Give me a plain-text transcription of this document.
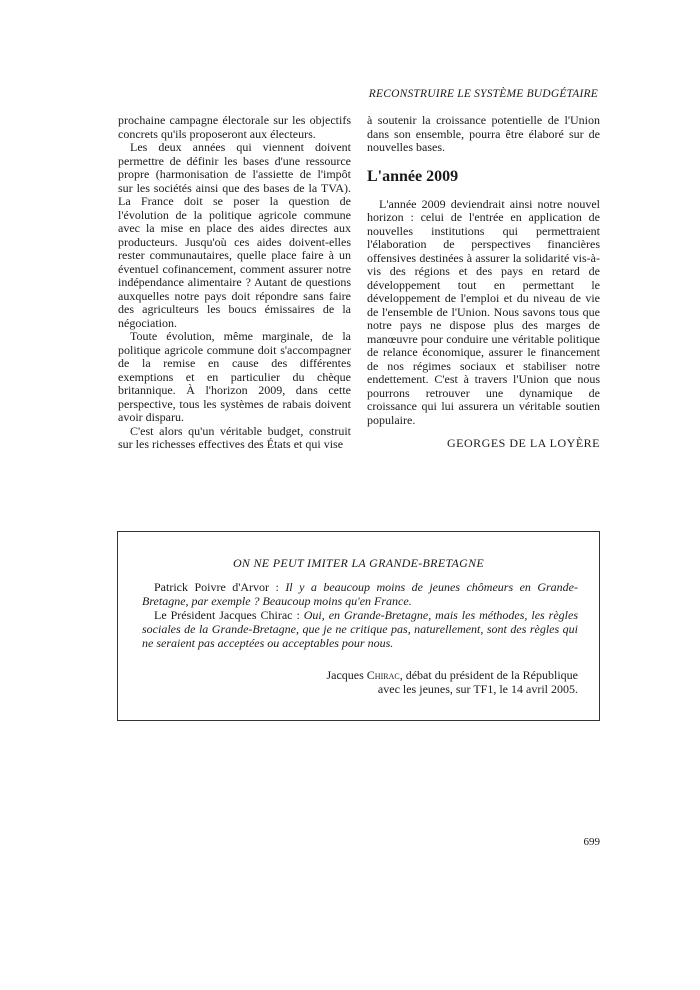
RECONSTRUIRE LE SYSTÈME BUDGÉTAIRE

prochaine campagne électorale sur les objectifs concrets qu'ils proposeront aux électeurs.

Les deux années qui viennent doivent permettre de définir les bases d'une ressource propre (harmonisation de l'assiette de l'impôt sur les sociétés ainsi que des bases de la TVA). La France doit se poser la question de l'évolution de la politique agricole commune avec la mise en place des aides directes aux producteurs. Jusqu'où ces aides doivent-elles rester communautaires, quelle place faire à un éventuel cofinancement, comment assurer notre indépendance alimentaire ? Autant de questions auxquelles notre pays doit répondre sans faire des agriculteurs les boucs émissaires de la négociation.

Toute évolution, même marginale, de la politique agricole commune doit s'accompagner de la remise en cause des différentes exemptions et en particulier du chèque britannique. À l'horizon 2009, dans cette perspective, tous les systèmes de rabais doivent avoir disparu.

C'est alors qu'un véritable budget, construit sur les richesses effectives des États et qui vise

à soutenir la croissance potentielle de l'Union dans son ensemble, pourra être élaboré sur de nouvelles bases.

L'année 2009

L'année 2009 deviendrait ainsi notre nouvel horizon : celui de l'entrée en application de nouvelles institutions qui permettraient l'élaboration de perspectives financières offensives destinées à assurer la solidarité vis-à-vis des régions et des pays en retard de développement tout en permettant le développement de l'emploi et du niveau de vie de l'ensemble de l'Union. Nous savons tous que notre pays ne dispose plus des marges de manœuvre pour conduire une véritable politique de relance économique, assurer le financement de nos régimes sociaux et stabiliser notre endettement. C'est à travers l'Union que nous pourrons retrouver une dynamique de croissance qui lui assurera un véritable soutien populaire.

GEORGES DE LA LOYÈRE
ON NE PEUT IMITER LA GRANDE-BRETAGNE

Patrick Poivre d'Arvor : Il y a beaucoup moins de jeunes chômeurs en Grande-Bretagne, par exemple ? Beaucoup moins qu'en France.

Le Président Jacques Chirac : Oui, en Grande-Bretagne, mais les méthodes, les règles sociales de la Grande-Bretagne, que je ne critique pas, naturellement, sont des règles qui ne seraient pas acceptées ou acceptables pour nous.

Jacques Chirac, débat du président de la République
avec les jeunes, sur TF1, le 14 avril 2005.
699
